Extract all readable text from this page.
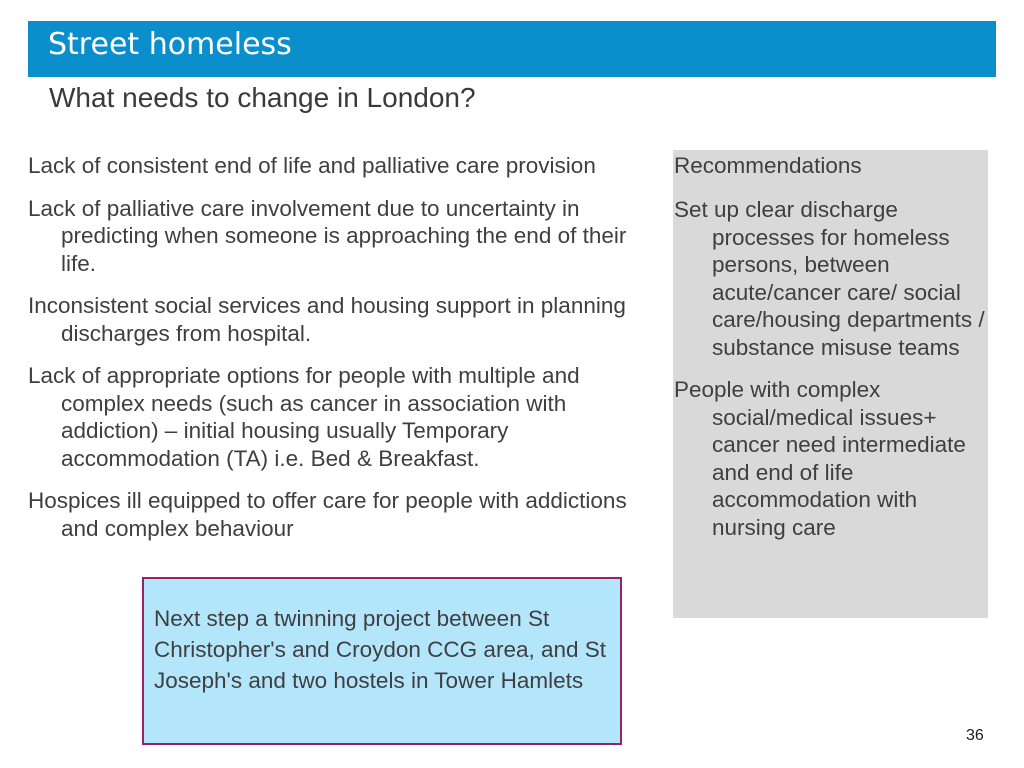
Street homeless
What needs to change in London?
Lack of consistent end of life and palliative care provision
Lack of palliative care involvement due to uncertainty in predicting when someone is approaching the end of their life.
Inconsistent social services and housing support in planning discharges from hospital.
Lack of appropriate options for people with multiple and complex needs (such as cancer in association with addiction) – initial housing usually Temporary accommodation (TA) i.e. Bed & Breakfast.
Hospices ill equipped to offer care for people with addictions and complex behaviour
Recommendations
Set up clear discharge processes for homeless persons, between acute/cancer care/ social care/housing departments / substance misuse teams
People with complex social/medical issues+ cancer need intermediate and end of life accommodation with nursing care
Next step a twinning project between St Christopher's and Croydon CCG area, and St Joseph's and two hostels in Tower Hamlets
36
